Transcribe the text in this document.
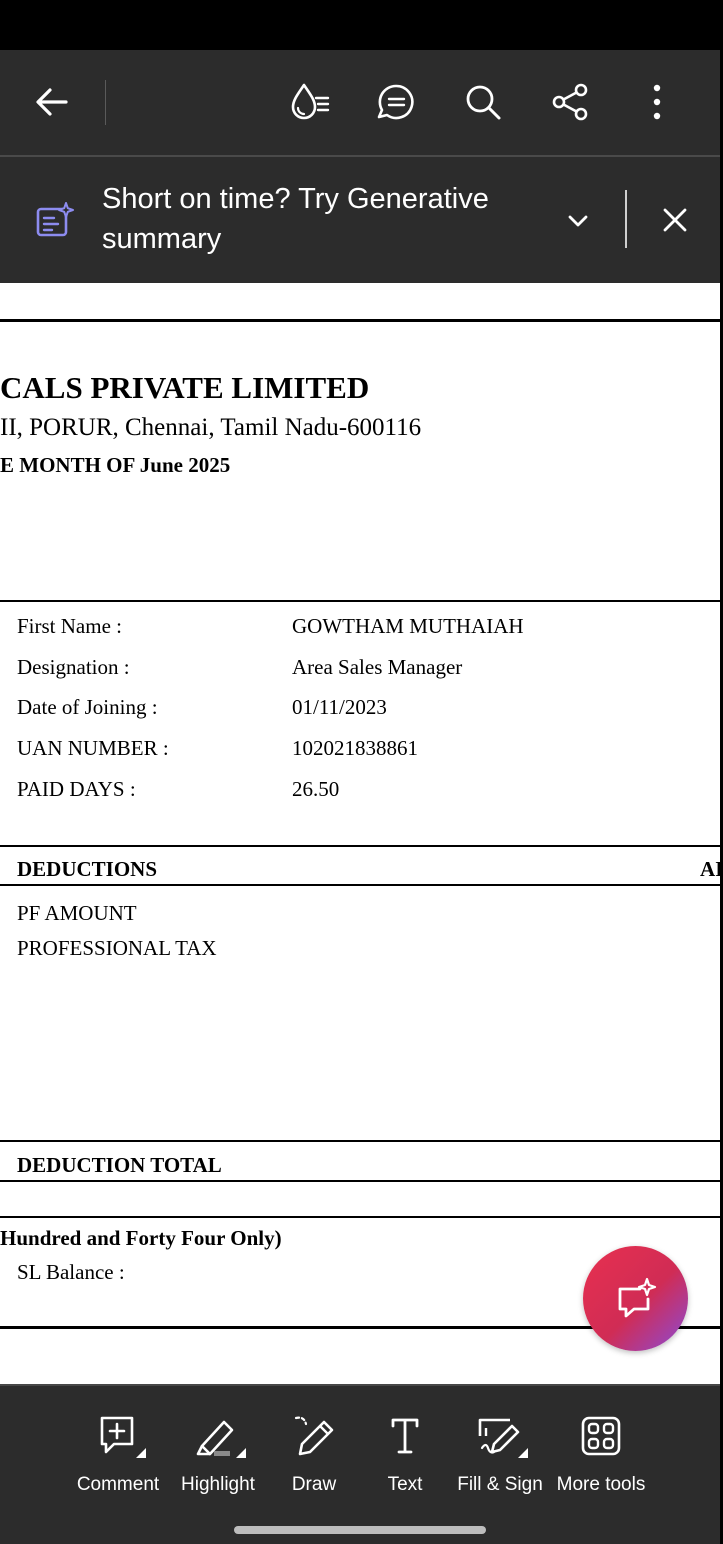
Short on time? Try Generative summary
CALS PRIVATE LIMITED
II, PORUR, Chennai, Tamil Nadu-600116
E MONTH OF June 2025
First Name :	GOWTHAM MUTHAIAH
Designation :	Area Sales Manager
Date of Joining :	01/11/2023
UAN NUMBER :	102021838861
PAID DAYS :	26.50
DEDUCTIONS	AI
PF AMOUNT
PROFESSIONAL TAX
DEDUCTION TOTAL
Hundred and Forty Four Only)
SL Balance :
Comment	Highlight	Draw	Text	Fill & Sign More tools
